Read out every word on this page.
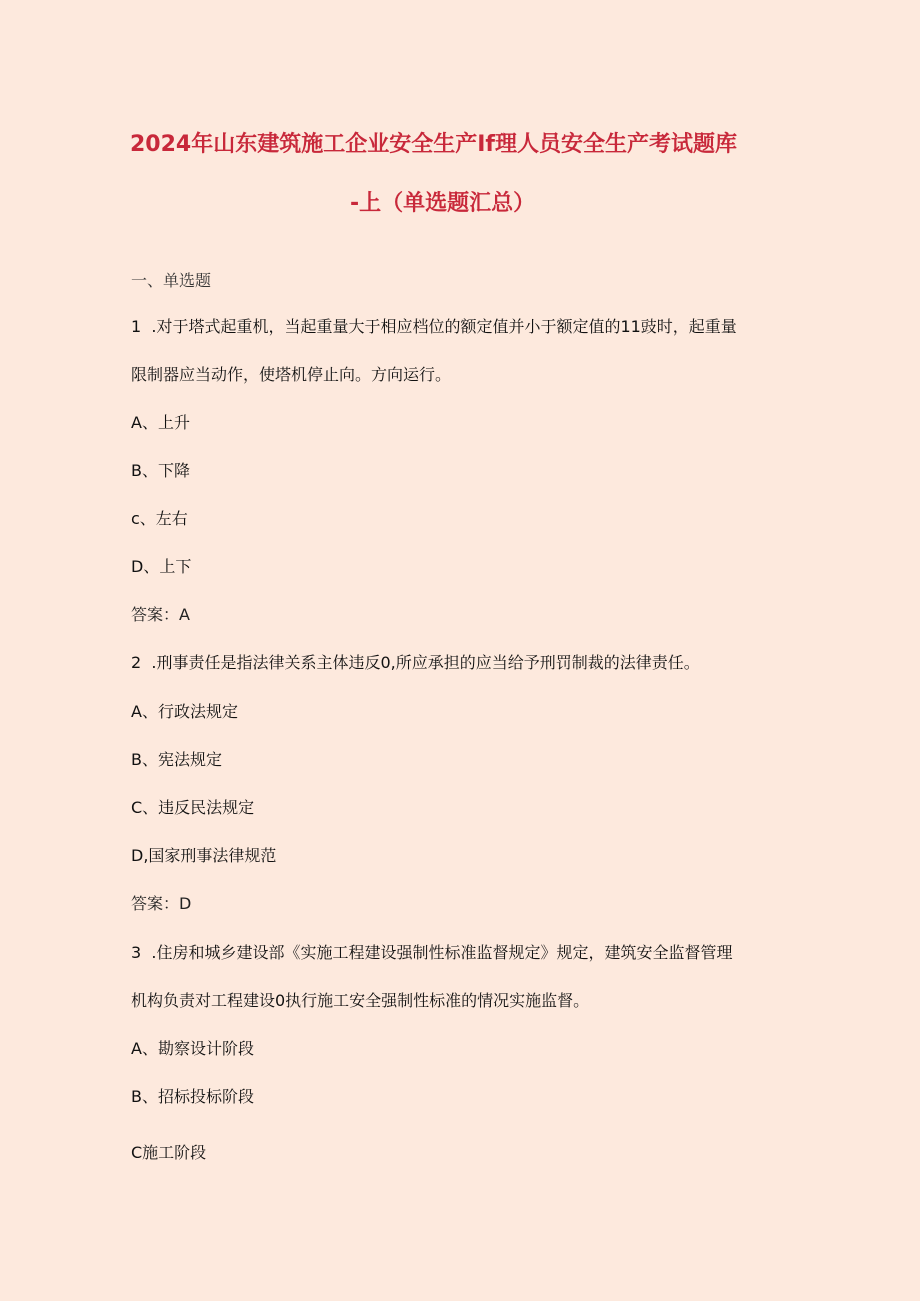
2024年山东建筑施工企业安全生产If理人员安全生产考试题库
-上（单选题汇总）
一、单选题
1  .对于塔式起重机，当起重量大于相应档位的额定值并小于额定值的11豉时，起重量
限制器应当动作，使塔机停止向。方向运行。
A、上升
B、下降
c、左右
D、上下
答案：A
2  .刑事责任是指法律关系主体违反0,所应承担的应当给予刑罚制裁的法律责任。
A、行政法规定
B、宪法规定
C、违反民法规定
D,国家刑事法律规范
答案：D
3  .住房和城乡建设部《实施工程建设强制性标准监督规定》规定，建筑安全监督管理
机构负责对工程建设0执行施工安全强制性标准的情况实施监督。
A、勘察设计阶段
B、招标投标阶段
C施工阶段
